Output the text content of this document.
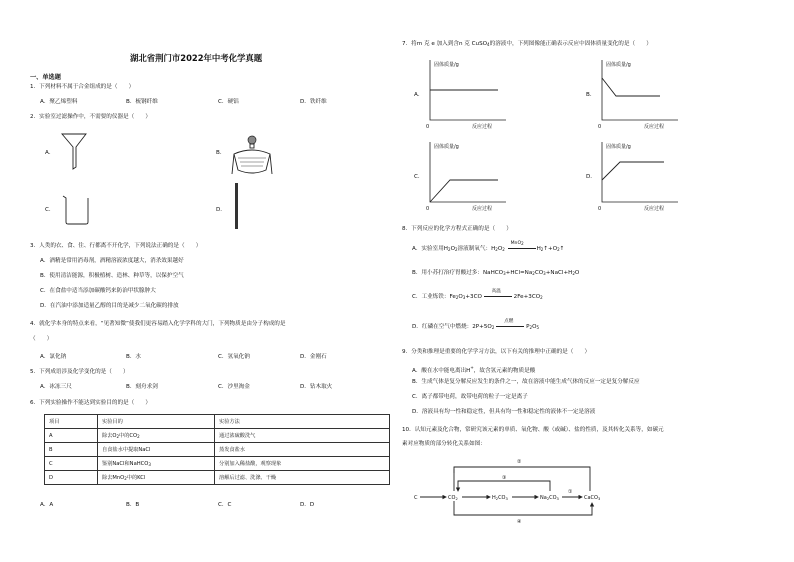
湖北省荆门市2022年中考化学真题
一、单选题
1．下列材料不属于合金组成的是（　　）
A．聚乙烯塑料	B．梳钢纤维	C．硬铝	D．铁纤维
2．实验室过滤操作中，不需要的仪器是（　　）
A．	B．
C．	D．
3．人类的衣、食、住、行都离不开化学，下列说法正确的是（　　）
A．酒精是常用消毒剂，酒精溶液浓度越大，消杀效果越好
B．使用清洁能源，积极植树、造林、种草等，以保护空气
C．在食盐中适当添加碳酸钙来防治甲状腺肿大
D．在汽油中添加适量乙醇的目的是减少二氧化碳的排放
4．就化学本身的特点来看，“见著知微”使我们更容易踏入化学学科的大门，下列物质是由分子构成的是
（　　）
A．氯化钠	B．水	C．氢氧化钠	D．金刚石
5．下列成语涉及化学变化的是（　　）
A．冰冻三尺	B．刻舟求剑	C．沙里淘金	D．钻木取火
6．下列实验操作不能达到实验目的的是（　　）
项目	实验目的	实验方法
A	除去$O_2$中的$CO_2$	通过浓硫酸洗气
B	自食盐水中提取NaCl	蒸发食盐水
C	鉴别NaCl和NaHCO$_3$	分别加入稀盐酸，观察现象
D	除去MnO$_2$中的KCl	溶解后过滤、洗涤、干燥
A．A	B．B	C．C	D．D
7．将m 克 e 加入到含n 克 CuSO$_4$的溶液中，下列图像能正确表示反应中固体质量变化的是（　　）
A．
固体质量/g
0	反应过程
B．
固体质量/g
0	反应过程
C．
固体质量/g
0	反应过程
D．
固体质量/g
0	反应过程
8．下列反应的化学方程式正确的是（　　）
A．实验室用$H_2O_2$溶液制氧气：$H_2O_2$
MnO$_2$
$H_2↑+O_2↑$
B．用小苏打治疗胃酸过多：$NaHCO_3+HCl=Na_2CO_3+NaCl+H_2O$
C．工业炼铁：$Fe_2O_3+3CO$
高温
$2Fe+3CO_2$
D．红磷在空气中燃烧：$2P+5O_2$
点燃
$P_2O_5$
9．分类和推理是重要的化学学习方法，以下有关的推理中正确的是（　　）
A．酸在水中能电离出H+，故含氢元素的物质是酸
B．生成气体是复分解反应发生的条件之一，故在溶液中能生成气体的反应一定是复分解反应
C．离子都带电荷，故带电荷的粒子一定是离子
D．溶液具有均一性和稳定性，但具有均一性和稳定性的液体不一定是溶液
10．认知元素及化合物，常研究该元素的单质、氧化物、酸（或碱）、盐的性质，及其转化关系等，如碳元
素对应物质的部分转化关系如图：
C	$CO_2$	$H_2CO_3$	$Na_2CO_3$	CaCO$_3$
②
③
①
④
